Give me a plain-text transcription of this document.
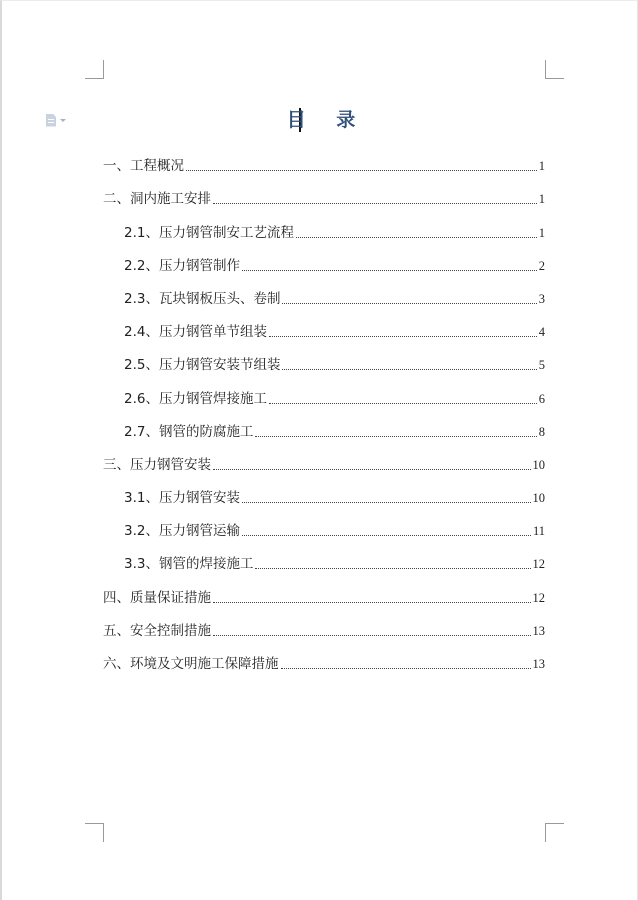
目 录
一、工程概况	1
二、洞内施工安排	1
2.1、压力钢管制安工艺流程	1
2.2、压力钢管制作	2
2.3、瓦块钢板压头、卷制	3
2.4、压力钢管单节组装	4
2.5、压力钢管安装节组装	5
2.6、压力钢管焊接施工	6
2.7、钢管的防腐施工	8
三、压力钢管安装	10
3.1、压力钢管安装	10
3.2、压力钢管运输	11
3.3、钢管的焊接施工	12
四、质量保证措施	12
五、安全控制措施	13
六、环境及文明施工保障措施	13
